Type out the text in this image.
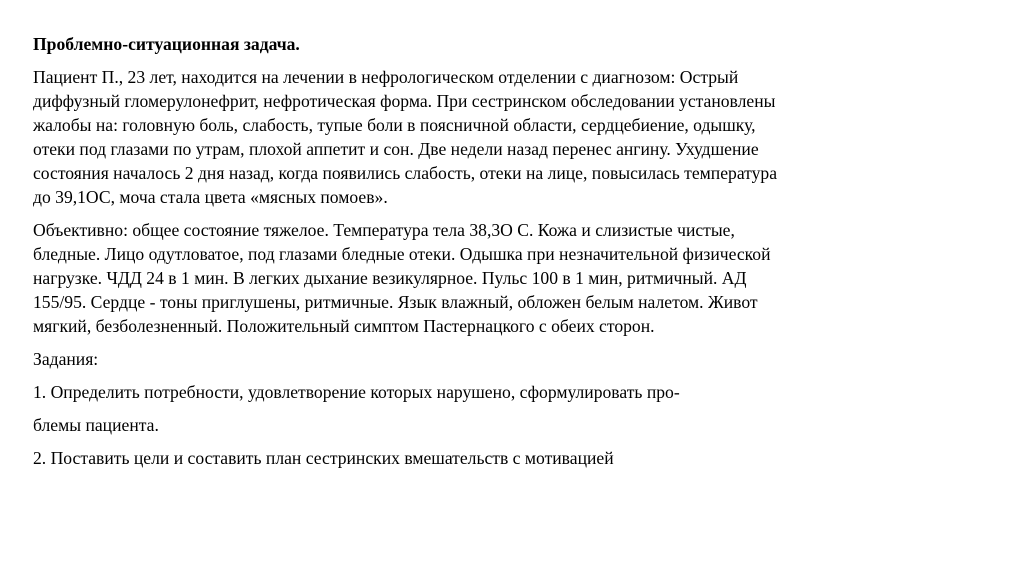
Проблемно-ситуационная задача.
Пациент П., 23 лет, находится на лечении в нефрологическом отделении с диагнозом: Острый
диффузный гломерулонефрит, нефротическая форма. При сестринском обследовании установлены
жалобы на: головную боль, слабость, тупые боли в поясничной области, сердцебиение, одышку,
отеки под глазами по утрам, плохой аппетит и сон. Две недели назад перенес ангину. Ухудшение
состояния началось 2 дня назад, когда появились слабость, отеки на лице, повысилась температура
до 39,1ОС, моча стала цвета «мясных помоев».
Объективно: общее состояние тяжелое. Температура тела 38,3О С. Кожа и слизистые чистые,
бледные. Лицо одутловатое, под глазами бледные отеки. Одышка при незначительной физической
нагрузке. ЧДД 24 в 1 мин. В легких дыхание везикулярное. Пульс 100 в 1 мин, ритмичный. АД
155/95. Сердце - тоны приглушены, ритмичные. Язык влажный, обложен белым налетом. Живот
мягкий, безболезненный. Положительный симптом Пастернацкого с обеих сторон.
Задания:
1. Определить потребности, удовлетворение которых нарушено, сформулировать про-
блемы пациента.
2. Поставить цели и составить план сестринских вмешательств с мотивацией
